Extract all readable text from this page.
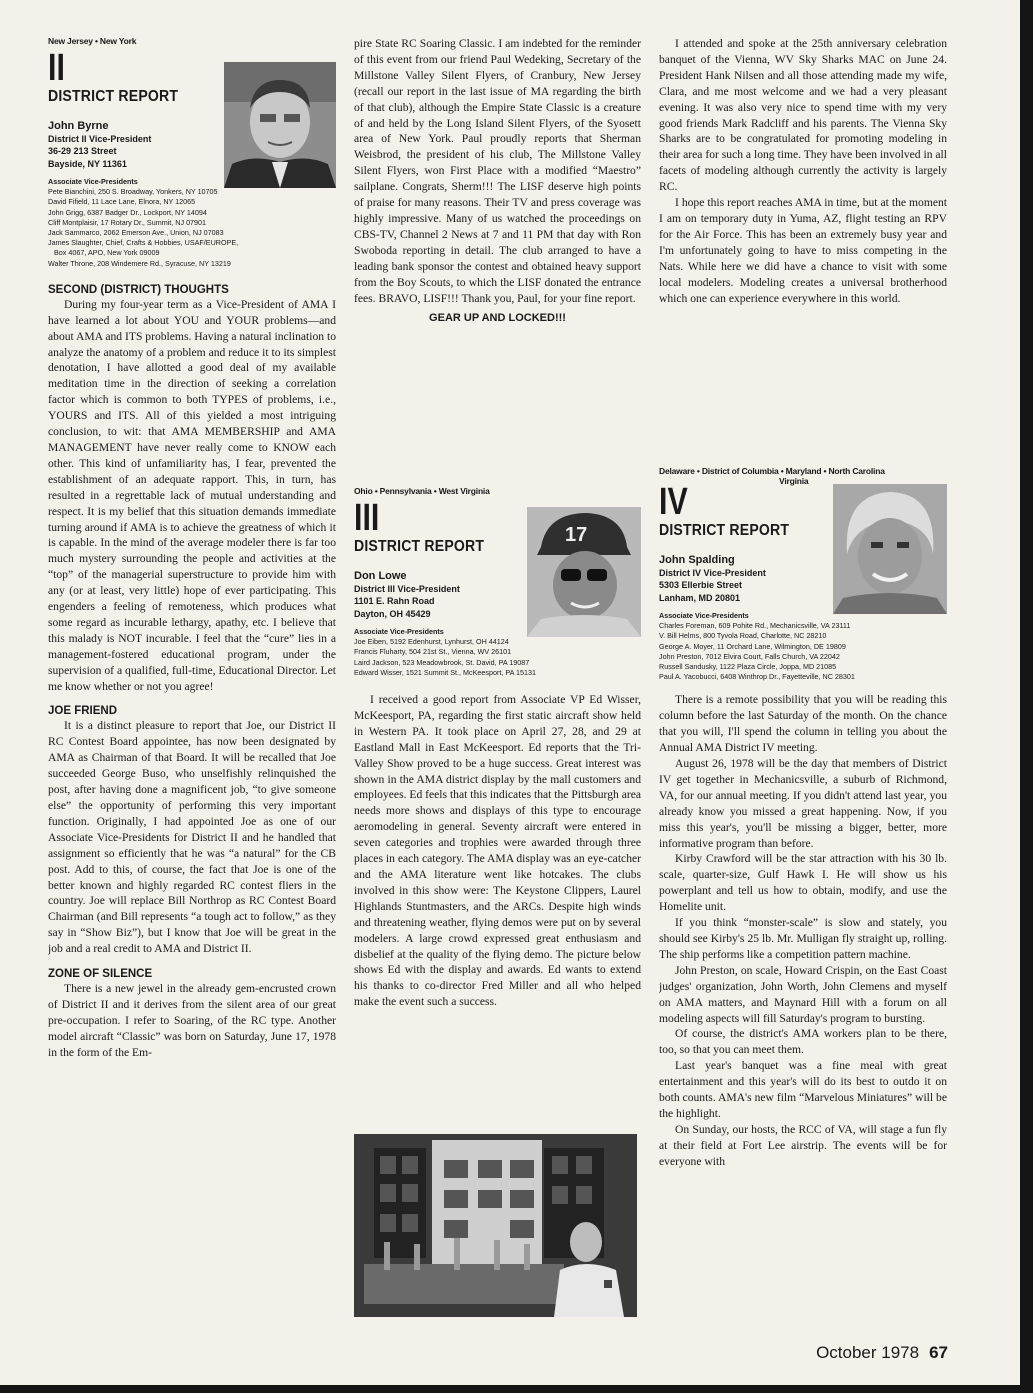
New Jersey • New York
II
DISTRICT REPORT
John Byrne
District II Vice-President
36-29 213 Street
Bayside, NY 11361
Associate Vice-Presidents
Pete Bianchini, 250 S. Broadway, Yonkers, NY 10705
David Fifield, 11 Lace Lane, Elnora, NY 12065
John Grigg, 6387 Badger Dr., Lockport, NY 14094
Cliff Montplaisir, 17 Rotary Dr., Summit, NJ 07901
Jack Sammarco, 2062 Emerson Ave., Union, NJ 07083
James Slaughter, Chief, Crafts & Hobbies, USAF/EUROPE,
Box 4067, APO, New York 09009
Walter Throne, 208 Windemere Rd., Syracuse, NY 13219
SECOND (DISTRICT) THOUGHTS

During my four-year term as a Vice-President of AMA I have learned a lot about YOU and YOUR problems—and about AMA and ITS problems. Having a natural inclination to analyze the anatomy of a problem and reduce it to its simplest denotation, I have allotted a good deal of my available meditation time in the direction of seeking a correlation factor which is common to both TYPES of problems, i.e., YOURS and ITS. All of this yielded a most intriguing conclusion, to wit: that AMA MEMBERSHIP and AMA MANAGEMENT have never really come to KNOW each other. This kind of unfamiliarity has, I fear, prevented the establishment of an adequate rapport. This, in turn, has resulted in a regrettable lack of mutual understanding and respect. It is my belief that this situation demands immediate turning around if AMA is to achieve the greatness of which it is capable. In the mind of the average modeler there is far too much mystery surrounding the people and activities at the “top” of the managerial superstructure to provide him with any (or at least, very little) hope of ever participating. This engenders a feeling of remoteness, which produces what some regard as incurable lethargy, apathy, etc. I believe that this malady is NOT incurable. I feel that the “cure” lies in a management-fostered educational program, under the supervision of a qualified, full-time, Educational Director. Let me know whether or not you agree!

JOE FRIEND

It is a distinct pleasure to report that Joe, our District II RC Contest Board appointee, has now been designated by AMA as Chairman of that Board. It will be recalled that Joe succeeded George Buso, who unselfishly relinquished the post, after having done a magnificent job, “to give someone else” the opportunity of performing this very important function. Originally, I had appointed Joe as one of our Associate Vice-Presidents for District II and he handled that assignment so efficiently that he was “a natural” for the CB post. Add to this, of course, the fact that Joe is one of the better known and highly regarded RC contest fliers in the country. Joe will replace Bill Northrop as RC Contest Board Chairman (and Bill represents “a tough act to follow,” as they say in “Show Biz”), but I know that Joe will be great in the job and a real credit to AMA and District II.

ZONE OF SILENCE

There is a new jewel in the already gem-encrusted crown of District II and it derives from the silent area of our great pre-occupation. I refer to Soaring, of the RC type. Another model aircraft “Classic” was born on Saturday, June 17, 1978 in the form of the Em-

pire State RC Soaring Classic. I am indebted for the reminder of this event from our friend Paul Wedeking, Secretary of the Millstone Valley Silent Flyers, of Cranbury, New Jersey (recall our report in the last issue of MA regarding the birth of that club), although the Empire State Classic is a creature of and held by the Long Island Silent Flyers, of the Syosett area of New York. Paul proudly reports that Sherman Weisbrod, the president of his club, The Millstone Valley Silent Flyers, won First Place with a modified “Maestro” sailplane. Congrats, Sherm!!! The LISF deserve high points of praise for many reasons. Their TV and press coverage was highly impressive. Many of us watched the proceedings on CBS-TV, Channel 2 News at 7 and 11 PM that day with Ron Swoboda reporting in detail. The club arranged to have a leading bank sponsor the contest and obtained heavy support from the Boy Scouts, to which the LISF donated the entrance fees. BRAVO, LISF!!! Thank you, Paul, for your fine report.

GEAR UP AND LOCKED!!!
Ohio • Pennsylvania • West Virginia
III
DISTRICT REPORT
Don Lowe
District III Vice-President
1101 E. Rahn Road
Dayton, OH 45429
Associate Vice-Presidents
Joe Eiben, 5192 Edenhurst, Lynhurst, OH 44124
Francis Fluharty, 504 21st St., Vienna, WV 26101
Laird Jackson, 523 Meadowbrook, St. David, PA 19087
Edward Wisser, 1521 Summit St., McKeesport, PA 15131

I received a good report from Associate VP Ed Wisser, McKeesport, PA, regarding the first static aircraft show held in Western PA. It took place on April 27, 28, and 29 at Eastland Mall in East McKeesport. Ed reports that the Tri-Valley Show proved to be a huge success. Great interest was shown in the AMA district display by the mall customers and employees. Ed feels that this indicates that the Pittsburgh area needs more shows and displays of this type to encourage aeromodeling in general. Seventy aircraft were entered in seven categories and trophies were awarded through three places in each category. The AMA display was an eye-catcher and the AMA literature went like hotcakes. The clubs involved in this show were: The Keystone Clippers, Laurel Highlands Stuntmasters, and the ARCs. Despite high winds and threatening weather, flying demos were put on by several modelers. A large crowd expressed great enthusiasm and disbelief at the quality of the flying demo. The picture below shows Ed with the display and awards. Ed wants to extend his thanks to co-director Fred Miller and all who helped make the event such a success.

17

I attended and spoke at the 25th anniversary celebration banquet of the Vienna, WV Sky Sharks MAC on June 24. President Hank Nilsen and all those attending made my wife, Clara, and me most welcome and we had a very pleasant evening. It was also very nice to spend time with my very good friends Mark Radcliff and his parents. The Vienna Sky Sharks are to be congratulated for promoting modeling in their area for such a long time. They have been involved in all facets of modeling although currently the activity is largely RC.

I hope this report reaches AMA in time, but at the moment I am on temporary duty in Yuma, AZ, flight testing an RPV for the Air Force. This has been an extremely busy year and I'm unfortunately going to have to miss competing in the Nats. While here we did have a chance to visit with some local modelers. Modeling creates a universal brotherhood which one can experience everywhere in this world.

Delaware • District of Columbia • Maryland • North Carolina
Virginia
IV
DISTRICT REPORT
John Spalding
District IV Vice-President
5303 Ellerbie Street
Lanham, MD 20801
Associate Vice-Presidents
Charles Foreman, 609 Pohite Rd., Mechanicsville, VA 23111
V. Bill Helms, 800 Tyvola Road, Charlotte, NC 28210
George A. Moyer, 11 Orchard Lane, Wilmington, DE 19809
John Preston, 7012 Elvira Court, Falls Church, VA 22042
Russell Sandusky, 1122 Plaza Circle, Joppa, MD 21085
Paul A. Yacobucci, 6408 Winthrop Dr., Fayetteville, NC 28301

There is a remote possibility that you will be reading this column before the last Saturday of the month. On the chance that you will, I'll spend the column in telling you about the Annual AMA District IV meeting.

August 26, 1978 will be the day that members of District IV get together in Mechanicsville, a suburb of Richmond, VA, for our annual meeting. If you didn't attend last year, you already know you missed a great happening. Now, if you miss this year's, you'll be missing a bigger, better, more informative program than before.

Kirby Crawford will be the star attraction with his 30 lb. scale, quarter-size, Gulf Hawk I. He will show us his powerplant and tell us how to obtain, modify, and use the Homelite unit.

If you think “monster-scale” is slow and stately, you should see Kirby's 25 lb. Mr. Mulligan fly straight up, rolling. The ship performs like a competition pattern machine.

John Preston, on scale, Howard Crispin, on the East Coast judges' organization, John Worth, John Clemens and myself on AMA matters, and Maynard Hill with a forum on all modeling aspects will fill Saturday's program to bursting.

Of course, the district's AMA workers plan to be there, too, so that you can meet them.

Last year's banquet was a fine meal with great entertainment and this year's will do its best to outdo it on both counts. AMA's new film “Marvelous Miniatures” will be the highlight.

On Sunday, our hosts, the RCC of VA, will stage a fun fly at their field at Fort Lee airstrip. The events will be for everyone with

October 1978 67
